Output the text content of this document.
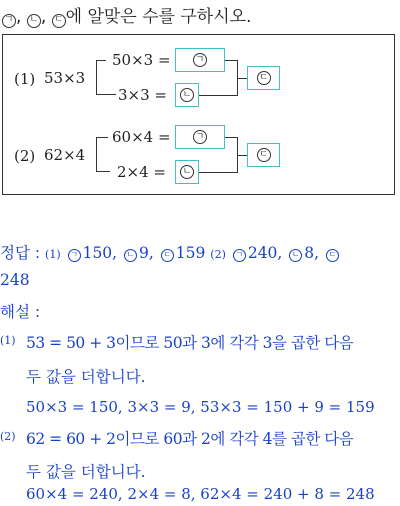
ㄱ , ㄴ , ㄷ 에 알맞은 수를 구하시오.
(1) 53×3
50×3 =
3×3 =
ㄱ
ㄴ
ㄷ
(2) 62×4
60×4 =
2×4 =
ㄱ
ㄴ
ㄷ
정답 : (1) ㄱ 150, ㄴ 9, ㄷ 159 (2) ㄱ 240, ㄴ 8, ㄷ
248
해설 :
(1) 53 = 50 + 3이므로 50과 3에 각각 3을 곱한 다음
두 값을 더합니다.
50×3 = 150, 3×3 = 9, 53×3 = 150 + 9 = 159
(2) 62 = 60 + 2이므로 60과 2에 각각 4를 곱한 다음
두 값을 더합니다.
60×4 = 240, 2×4 = 8, 62×4 = 240 + 8 = 248
